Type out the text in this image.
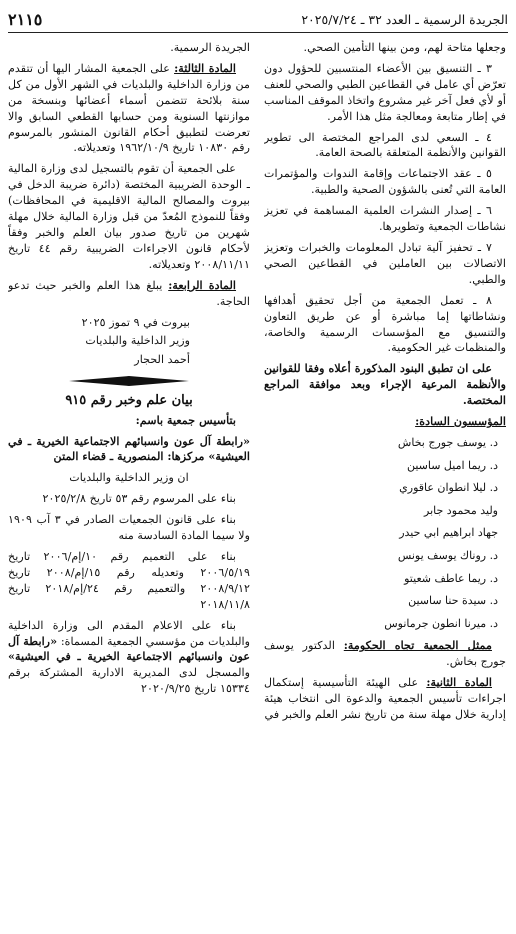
الجريدة الرسمية ـ العدد ٣٢ ـ ٢٠٢٥/٧/٢٤
٢١١٥

وجعلها متاحة لهم، ومن بينها التأمين الصحي.

٣ ـ التنسيق بين الأعضاء المنتسبين للحؤول دون تعرّض أي عامل في القطاعين الطبي والصحي للعنف أو لأي فعل آخر غير مشروع واتخاذ الموقف المناسب في إطار متابعة ومعالجة مثل هذا الأمر.

٤ ـ السعي لدى المراجع المختصة الى تطوير القوانين والأنظمة المتعلقة بالصحة العامة.

٥ ـ عقد الاجتماعات وإقامة الندوات والمؤتمرات العامة التي تُعنى بالشؤون الصحية والطبية.

٦ ـ إصدار النشرات العلمية المساهمة في تعزيز نشاطات الجمعية وتطويرها.

٧ ـ تحفيز آلية تبادل المعلومات والخبرات وتعزيز الاتصالات بين العاملين في القطاعين الصحي والطبي.

٨ ـ تعمل الجمعية من أجل تحقيق أهدافها ونشاطاتها إما مباشرة أو عن طريق التعاون والتنسيق مع المؤسسات الرسمية والخاصة، والمنظمات غير الحكومية.

على ان تطبق البنود المذكورة أعلاه وفقا للقوانين والأنظمة المرعية الإجراء وبعد موافقة المراجع المختصة.

المؤسسون السادة:

د. يوسف جورج بخاش
د. ريما اميل ساسين
د. ليلا انطوان عاقوري
وليد محمود جابر
جهاد ابراهيم ابي حيدر
د. روناك يوسف يونس
د. ريما عاطف شعيتو
د. سيدة حنا ساسين
د. ميرنا انطون جرمانوس

ممثل الجمعية تجاه الحكومة: الدكتور يوسف جورج بخاش.

المادة الثانية: على الهيئة التأسيسية إستكمال اجراءات تأسيس الجمعية والدعوة الى انتخاب هيئة إدارية خلال مهلة سنة من تاريخ نشر العلم والخبر في

الجريدة الرسمية.

المادة الثالثة: على الجمعية المشار اليها أن تتقدم من وزارة الداخلية والبلديات في الشهر الأول من كل سنة بلائحة تتضمن أسماء أعضائها وبنسخة من موازنتها السنوية ومن حسابها القطعي السابق والا تعرضت لتطبيق أحكام القانون المنشور بالمرسوم رقم ١٠٨٣٠ تاريخ ١٩٦٢/١٠/٩ وتعديلاته.

على الجمعية أن تقوم بالتسجيل لدى وزارة المالية ـ الوحدة الضريبية المختصة (دائرة ضريبة الدخل في بيروت والمصالح المالية الاقليمية في المحافظات) وفقاً للنموذج المُعدّ من قبل وزارة المالية خلال مهلة شهرين من تاريخ صدور بيان العلم والخبر وفقاً لأحكام قانون الاجراءات الضريبية رقم ٤٤ تاريخ ٢٠٠٨/١١/١١ وتعديلاته.

المادة الرابعة: يبلغ هذا العلم والخبر حيث تدعو الحاجة.

بيروت في ٩ تموز ٢٠٢٥
وزير الداخلية والبلديات
أحمد الحجار
بيان علم وخبر رقم ٩١٥

بتأسيس جمعية باسم:

«رابطة آل عون وانسبائهم الاجتماعية الخيرية ـ في العيشية» مركزها: المنصورية ـ قضاء المتن

ان وزير الداخلية والبلديات

بناء على المرسوم رقم ٥٣ تاريخ ٢٠٢٥/٢/٨

بناء على قانون الجمعيات الصادر في ٣ آب ١٩٠٩ ولا سيما المادة السادسة منه

بناء على التعميم رقم ١٠/إم/٢٠٠٦ تاريخ ٢٠٠٦/٥/١٩ وتعديله رقم ١٥/إم/٢٠٠٨ تاريخ ٢٠٠٨/٩/١٢ والتعميم رقم ٢٤/إم/٢٠١٨ تاريخ ٢٠١٨/١١/٨

بناء على الاعلام المقدم الى وزارة الداخلية والبلديات من مؤسسي الجمعية المسماة: «رابطة آل عون وانسبائهم الاجتماعية الخيرية ـ في العيشية» والمسجل لدى المديرية الادارية المشتركة برقم ١٥٣٣٤ تاريخ ٢٠٢٠/٩/٢٥
